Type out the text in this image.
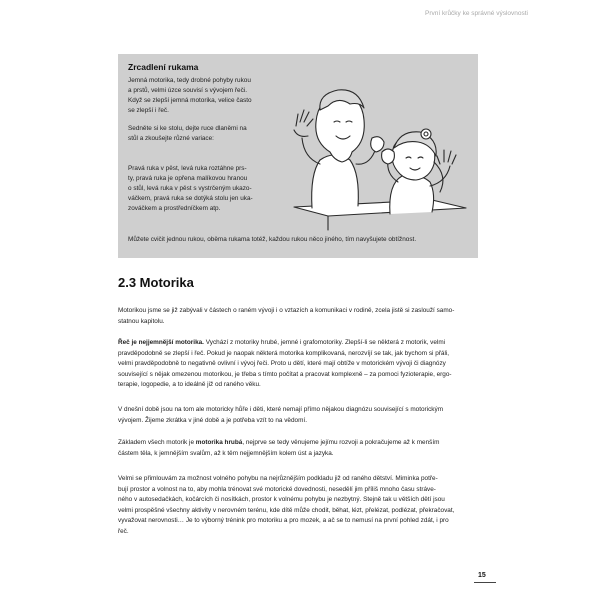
První krůčky ke správné výslovnosti
Zrcadlení rukama

Jemná motorika, tedy drobné pohyby rukou
a prstů, velmi úzce souvisí s vývojem řeči.
Když se zlepší jemná motorika, velice často
se zlepší i řeč.

Sedněte si ke stolu, dejte ruce dlaněmi na
stůl a zkoušejte různé variace:

Pravá ruka v pěst, levá ruka roztáhne prs-
ty, pravá ruka je opřena malíkovou hranou
o stůl, levá ruka v pěst s vystrčeným ukazo-
váčkem, pravá ruka se dotýká stolu jen uka-
zováčkem a prostředníčkem atp.

Můžete cvičit jednou rukou, oběma rukama totéž, každou rukou něco jiného, tím navyšujete obtížnost.

2.3 Motorika

Motorikou jsme se již zabývali v částech o raném vývoji i o vztazích a komunikaci v rodině, zcela jistě si zaslouží samo-
statnou kapitolu.

Řeč je nejjemnější motorika. Vychází z motoriky hrubé, jemné i grafomotoriky. Zlepší-li se některá z motorik, velmi
pravděpodobně se zlepší i řeč. Pokud je naopak některá motorika komplikovaná, nerozvíjí se tak, jak bychom si přáli,
velmi pravděpodobně to negativně ovlivní i vývoj řeči. Proto u dětí, které mají obtíže v motorickém vývoji či diagnózy
související s nějak omezenou motorikou, je třeba s tímto počítat a pracovat komplexně – za pomoci fyzioterapie, ergo-
terapie, logopedie, a to ideálně již od raného věku.

V dnešní době jsou na tom ale motoricky hůře i děti, které nemají přímo nějakou diagnózu související s motorickým
vývojem. Žijeme zkrátka v jiné době a je potřeba vzít to na vědomí.

Základem všech motorik je motorika hrubá, nejprve se tedy věnujeme jejímu rozvoji a pokračujeme až k menším
částem těla, k jemnějším svalům, až k těm nejjemnějším kolem úst a jazyka.

Velmi se přimlouvám za možnost volného pohybu na nejrůznějším podkladu již od raného dětství. Miminka potře-
bují prostor a volnost na to, aby mohla trénovat své motorické dovednosti, nesedělí jim příliš mnoho času stráve-
ného v autosedačkách, kočárcích či nosítkách, prostor k volnému pohybu je nezbytný. Stejně tak u větších dětí jsou
velmi prospěšné všechny aktivity v nerovném terénu, kde dítě může chodit, běhat, lézt, přelézat, podlézat, překračovat,
vyvažovat nerovnosti… Je to výborný trénink pro motoriku a pro mozek, a ač se to nemusí na první pohled zdát, i pro
řeč.

15
